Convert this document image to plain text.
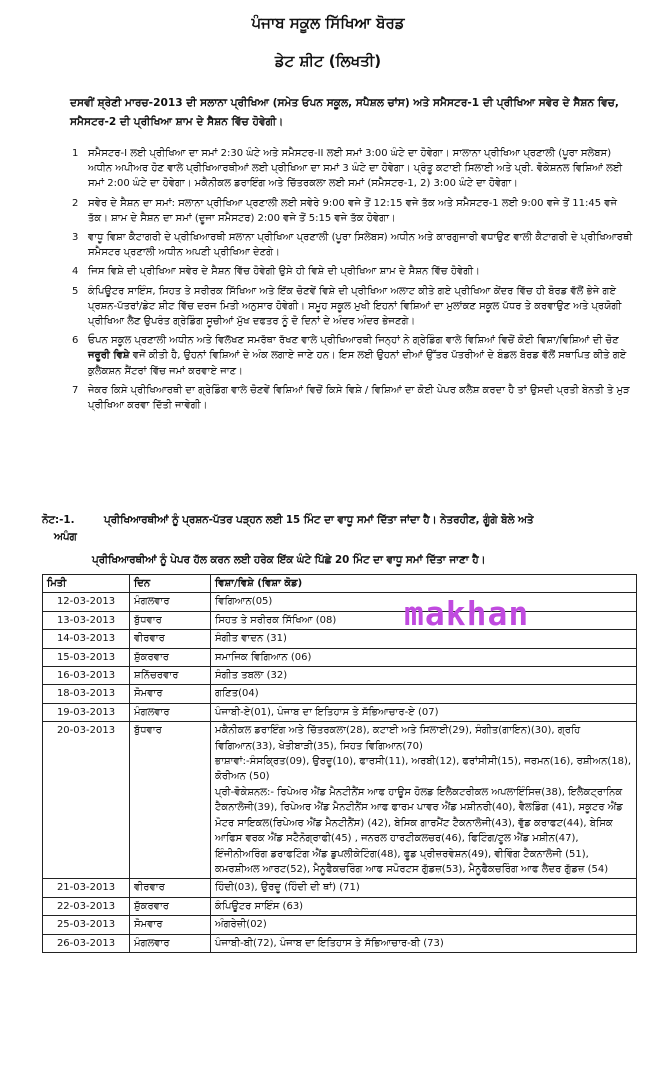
ਪੰਜਾਬ ਸਕੂਲ ਸਿੱਖਿਆ ਬੋਰਡ
ਡੇਟ ਸ਼ੀਟ (ਲਿਖਤੀ)
ਦਸਵੀਂ ਸ਼੍ਰੇਣੀ ਮਾਰਚ-2013 ਦੀ ਸਲਾਨਾ ਪ੍ਰੀਖਿਆ (ਸਮੇਤ ਓਪਨ ਸਕੂਲ, ਸਪੈਸ਼ਲ ਚਾਂਸ) ਅਤੇ ਸਮੈਸਟਰ-1 ਦੀ ਪ੍ਰੀਖਿਆ ਸਵੇਰ ਦੇ ਸੈਸ਼ਨ ਵਿਚ, ਸਮੈਸਟਰ-2 ਦੀ ਪ੍ਰੀਖਿਆ ਸ਼ਾਮ ਦੇ ਸੈਸ਼ਨ ਵਿੱਚ ਹੋਵੇਗੀ।
1 ਸਮੈਸਟਰ-I ਲਈ ਪ੍ਰੀਖਿਆ ਦਾ ਸਮਾਂ 2:30 ਘੰਟੇ ਅਤੇ ਸਮੈਸਟਰ-II ਲਈ ਸਮਾਂ 3:00 ਘੰਟੇ ਦਾ ਹੋਵੇਗਾ। ਸਾਲਾਨਾ ਪ੍ਰੀਖਿਆ ਪ੍ਰਣਾਲੀ (ਪੂਰਾ ਸਲੇਬਸ) ਅਧੀਨ ਅਪੀਅਰ ਹੋਣ ਵਾਲੇ ਪ੍ਰੀਖਿਆਰਥੀਆਂ ਲਈ ਪ੍ਰੀਖਿਆ ਦਾ ਸਮਾਂ 3 ਘੰਟੇ ਦਾ ਹੋਵੇਗਾ। ਪ੍ਰੰਤੂ ਕਟਾਈ ਸਿਲਾਈ ਅਤੇ ਪ੍ਰੀ. ਵੋਕੇਸ਼ਨਲ ਵਿਸ਼ਿਆਂ ਲਈ ਸਮਾਂ 2:00 ਘੰਟੇ ਦਾ ਹੋਵੇਗਾ। ਮਕੈਨੀਕਲ ਡਰਾਇੰਗ ਅਤੇ ਚਿੱਤਰਕਲਾ ਲਈ ਸਮਾਂ (ਸਮੈਸਟਰ-1, 2) 3:00 ਘੰਟੇ ਦਾ ਹੋਵੇਗਾ।
2 ਸਵੇਰ ਦੇ ਸੈਸ਼ਨ ਦਾ ਸਮਾਂ: ਸਲਾਨਾ ਪ੍ਰੀਖਿਆ ਪ੍ਰਣਾਲੀ ਲਈ ਸਵੇਰੇ 9:00 ਵਜੇ ਤੋਂ 12:15 ਵਜੇ ਤੱਕ ਅਤੇ ਸਮੈਸਟਰ-1 ਲਈ 9:00 ਵਜੇ ਤੋਂ 11:45 ਵਜੇ ਤੱਕ। ਸ਼ਾਮ ਦੇ ਸੈਸ਼ਨ ਦਾ ਸਮਾਂ (ਦੂਜਾ ਸਮੈਸਟਰ) 2:00 ਵਜੇ ਤੋਂ 5:15 ਵਜੇ ਤੱਕ ਹੋਵੇਗਾ।
3 ਵਾਧੂ ਵਿਸ਼ਾ ਕੈਟਾਗਰੀ ਦੇ ਪ੍ਰੀਖਿਆਰਥੀ ਸਲਾਨਾ ਪ੍ਰੀਖਿਆ ਪ੍ਰਣਾਲੀ (ਪੂਰਾ ਸਿਲੇਬਸ) ਅਧੀਨ ਅਤੇ ਕਾਰਗੁਜਾਰੀ ਵਧਾਉਣ ਵਾਲੀ ਕੈਟਾਗਰੀ ਦੇ ਪ੍ਰੀਖਿਆਰਥੀ ਸਮੈਸਟਰ ਪ੍ਰਣਾਲੀ ਅਧੀਨ ਅਪਣੀ ਪ੍ਰੀਖਿਆ ਦੇਣਗੇ।
4 ਜਿਸ ਵਿਸ਼ੇ ਦੀ ਪ੍ਰੀਖਿਆ ਸਵੇਰ ਦੇ ਸੈਸ਼ਨ ਵਿੱਚ ਹੋਵੇਗੀ ਉਸੇ ਹੀ ਵਿਸ਼ੇ ਦੀ ਪ੍ਰੀਖਿਆ ਸ਼ਾਮ ਦੇ ਸੈਸ਼ਨ ਵਿੱਚ ਹੋਵੇਗੀ।
5 ਕੰਪਿਊਟਰ ਸਾਇੰਸ, ਸਿਹਤ ਤੇ ਸਰੀਰਕ ਸਿੱਖਿਆ ਅਤੇ ਇੱਕ ਚੋਣਵੇਂ ਵਿਸ਼ੇ ਦੀ ਪ੍ਰੀਖਿਆ ਅਲਾਟ ਕੀਤੇ ਗਏ ਪ੍ਰੀਖਿਆ ਕੇਂਦਰ ਵਿੱਚ ਹੀ ਬੋਰਡ ਵੱਲੋਂ ਭੇਜੇ ਗਏ ਪ੍ਰਸ਼ਨ-ਪੱਤਰਾਂ/ਡੇਟ ਸ਼ੀਟ ਵਿੱਚ ਦਰਜ ਮਿਤੀ ਅਨੁਸਾਰ ਹੋਵੇਗੀ। ਸਮੂਹ ਸਕੂਲ ਮੁਖੀ ਇਹਨਾਂ ਵਿਸ਼ਿਆਂ ਦਾ ਮੁਲਾਂਕਣ ਸਕੂਲ ਪੱਧਰ ਤੇ ਕਰਵਾਉਣ ਅਤੇ ਪ੍ਰਯੋਗੀ ਪ੍ਰੀਖਿਆ ਲੈਣ ਉਪਰੰਤ ਗ੍ਰੇਡਿੰਗ ਸੂਚੀਆਂ ਮੁੱਖ ਦਫਤਰ ਨੂੰ ਦੋ ਦਿਨਾਂ ਦੇ ਅੰਦਰ ਅੰਦਰ ਭੇਜਣਗੇ।
6 ਓਪਨ ਸਕੂਲ ਪ੍ਰਣਾਲੀ ਅਧੀਨ ਅਤੇ ਵਿਲੱਖਣ ਸਮਰੱਥਾ ਰੱਖਣ ਵਾਲੇ ਪ੍ਰੀਖਿਆਰਥੀ ਜਿਨ੍ਹਾਂ ਨੇ ਗ੍ਰੇਡਿੰਗ ਵਾਲੇ ਵਿਸ਼ਿਆਂ ਵਿਚੋਂ ਕੋਈ ਵਿਸ਼ਾ/ਵਿਸ਼ਿਆਂ ਦੀ ਚੋਣ ਜਰੂਰੀ ਵਿਸ਼ੇ ਵਜੋਂ ਕੀਤੀ ਹੈ, ਉਹਨਾਂ ਵਿਸ਼ਿਆਂ ਦੇ ਅੰਕ ਲਗਾਏ ਜਾਣੇ ਹਨ। ਇਸ ਲਈ ਉਹਨਾਂ ਦੀਆਂ ਉੱਤਰ ਪੱਤਰੀਆਂ ਦੇ ਬੰਡਲ ਬੋਰਡ ਵੱਲੋਂ ਸਥਾਪਿਤ ਕੀਤੇ ਗਏ ਕੁਲੈਕਸ਼ਨ ਸੈਂਟਰਾਂ ਵਿੱਚ ਜਮਾਂ ਕਰਵਾਏ ਜਾਣ।
7 ਜੇਕਰ ਕਿਸੇ ਪ੍ਰੀਖਿਆਰਥੀ ਦਾ ਗ੍ਰੇਡਿੰਗ ਵਾਲੇ ਚੋਣਵੇਂ ਵਿਸ਼ਿਆਂ ਵਿਚੋਂ ਕਿਸੇ ਵਿਸ਼ੇ / ਵਿਸ਼ਿਆਂ ਦਾ ਕੋਈ ਪੇਪਰ ਕਲੈਸ਼ ਕਰਦਾ ਹੈ ਤਾਂ ਉਸਦੀ ਪ੍ਰਤੀ ਬੇਨਤੀ ਤੇ ਮੁੜ ਪ੍ਰੀਖਿਆ ਕਰਵਾ ਦਿੱਤੀ ਜਾਵੇਗੀ।
ਨੋਟ:-1.	ਪ੍ਰੀਖਿਆਰਥੀਆਂ ਨੂੰ ਪ੍ਰਸ਼ਨ-ਪੱਤਰ ਪੜ੍ਹਨ ਲਈ 15 ਮਿੰਟ ਦਾ ਵਾਧੂ ਸਮਾਂ ਦਿੱਤਾ ਜਾਂਦਾ ਹੈ। ਨੇਤਰਹੀਣ, ਗੂੰਗੇ ਬੋਲੇ ਅਤੇ
ਅਪੰਗ
ਪ੍ਰੀਖਿਆਰਥੀਆਂ ਨੂੰ ਪੇਪਰ ਹੱਲ ਕਰਨ ਲਈ ਹਰੇਕ ਇੱਕ ਘੰਟੇ ਪਿੱਛੇ 20 ਮਿੰਟ ਦਾ ਵਾਧੂ ਸਮਾਂ ਦਿੱਤਾ ਜਾਣਾ ਹੈ।
ਮਿਤੀ	ਦਿਨ	ਵਿਸ਼ਾ/ਵਿਸ਼ੇ (ਵਿਸ਼ਾ ਕੋਡ)
12-03-2013	ਮੰਗਲਵਾਰ	ਵਿਗਿਆਨ(05)
13-03-2013	ਬੁੱਧਵਾਰ	ਸਿਹਤ ਤੇ ਸਰੀਰਕ ਸਿੱਖਿਆ (08)
14-03-2013	ਵੀਰਵਾਰ	ਸੰਗੀਤ ਵਾਦਨ (31)
15-03-2013	ਸ਼ੁੱਕਰਵਾਰ	ਸਮਾਜਿਕ ਵਿਗਿਆਨ (06)
16-03-2013	ਸ਼ਨਿੱਚਰਵਾਰ	ਸੰਗੀਤ ਤਬਲਾ (32)
18-03-2013	ਸੋਮਵਾਰ	ਗਣਿਤ(04)
19-03-2013	ਮੰਗਲਵਾਰ	ਪੰਜਾਬੀ-ਏ(01), ਪੰਜਾਬ ਦਾ ਇਤਿਹਾਸ ਤੇ ਸੱਭਿਆਚਾਰ-ਏ (07)
20-03-2013	ਬੁੱਧਵਾਰ	ਮਕੈਨੀਕਲ ਡਰਾਇੰਗ ਅਤੇ ਚਿੱਤਰਕਲਾ(28), ਕਟਾਈ ਅਤੇ ਸਿਲਾਈ(29), ਸੰਗੀਤ(ਗਾਇਨ)(30), ਗ੍ਰਹਿ ਵਿਗਿਆਨ(33), ਖੇਤੀਬਾੜੀ(35), ਸਿਹਤ ਵਿਗਿਆਨ(70)
ਭਾਸ਼ਾਵਾਂ:-ਸੰਸਕ੍ਰਿਤ(09), ਉਰਦੂ(10), ਫਾਰਸੀ(11), ਅਰਬੀ(12), ਫਰਾਂਸੀਸੀ(15), ਜਰਮਨ(16), ਰਸ਼ੀਅਨ(18), ਕੋਰੀਅਨ (50)
ਪ੍ਰੀ-ਵੋਕੇਸ਼ਨਲ:- ਰਿਪੇਅਰ ਐਂਡ ਮੈਨਟੀਨੈਂਸ ਆਫ ਹਾਊਸ ਹੋਲਡ ਇਲੈਕਟਰੀਕਲ ਅਪਲਾਇੰਸਿਜ਼(38), ਇਲੈਕਟ੍ਰਾਨਿਕ ਟੈਕਨਾਲੋਜੀ(39), ਰਿਪੇਅਰ ਐਂਡ ਮੈਨਟੀਨੈਂਸ ਆਫ ਫਾਰਮ ਪਾਵਰ ਐਂਡ ਮਸ਼ੀਨਰੀ(40), ਵੈਲਡਿੰਗ (41), ਸਕੂਟਰ ਐਂਡ ਮੋਟਰ ਸਾਇਕਲ(ਰਿਪੇਅਰ ਐਂਡ ਮੈਨਟੀਨੈਂਸ) (42), ਬੇਸਿਕ ਗਾਰਮੈਂਟ ਟੈਕਨਾਲੋਜੀ(43), ਵੁੱਡ ਕਰਾਫਟ(44), ਬੇਸਿਕ ਆਫਿਸ ਵਰਕ ਐਂਡ ਸਟੈਨੋਗ੍ਰਾਫੀ(45) , ਜਨਰਲ ਹਾਰਟੀਕਲਚਰ(46), ਫਿਟਿੰਗ/ਟੂਲ ਐਂਡ ਮਸ਼ੀਨ(47), ਇੰਜੀਨੀਅਰਿੰਗ ਡਰਾਫਟਿੰਗ ਐਂਡ ਡੁਪਲੀਕੇਟਿੰਗ(48), ਫੂਡ ਪ੍ਰੀਜ਼ਰਵੇਸ਼ਨ(49), ਵੀਵਿੰਗ ਟੈਕਨਾਲੋਜੀ (51), ਕਮਰਸ਼ੀਅਲ ਆਰਟ(52), ਮੈਨੂਫੈਕਚਰਿੰਗ ਆਫ ਸਪੋਰਟਸ ਗੁੱਡਜ਼(53), ਮੈਨੂਫੈਕਚਰਿੰਗ ਆਫ ਲੈਦਰ ਗੁੱਡਜ਼ (54)

21-03-2013	ਵੀਰਵਾਰ	ਹਿੰਦੀ(03), ਉਰਦੂ (ਹਿੰਦੀ ਦੀ ਥਾਂ) (71)
22-03-2013	ਸ਼ੁੱਕਰਵਾਰ	ਕੰਪਿਊਟਰ ਸਾਇੰਸ (63)
25-03-2013	ਸੋਮਵਾਰ	ਅੰਗਰੇਜ਼ੀ(02)
26-03-2013	ਮੰਗਲਵਾਰ	ਪੰਜਾਬੀ-ਬੀ(72), ਪੰਜਾਬ ਦਾ ਇਤਿਹਾਸ ਤੇ ਸੱਭਿਆਚਾਰ-ਬੀ (73)
makhan
